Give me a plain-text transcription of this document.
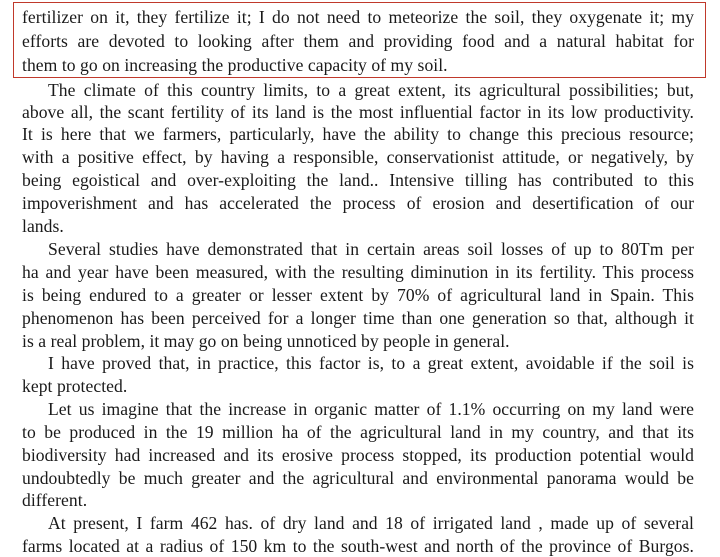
fertilizer on it, they fertilize it; I do not need to meteorize the soil, they oxygenate it; my
efforts are devoted to looking after them and providing food and a natural habitat for
them to go on increasing the productive capacity of my soil.
The climate of this country limits, to a great extent, its agricultural possibilities; but,
above all, the scant fertility of its land is the most influential factor in its low productivity.
It is here that we farmers, particularly, have the ability to change this precious resource;
with a positive effect, by having a responsible, conservationist attitude, or negatively, by
being egoistical and over-exploiting the land.. Intensive tilling has contributed to this
impoverishment and has accelerated the process of erosion and desertification of our
lands.
Several studies have demonstrated that in certain areas soil losses of up to 80Tm per
ha and year have been measured, with the resulting diminution in its fertility. This process
is being endured to a greater or lesser extent by 70% of agricultural land in Spain. This
phenomenon has been perceived for a longer time than one generation so that, although it
is a real problem, it may go on being unnoticed by people in general.
I have proved that, in practice, this factor is, to a great extent, avoidable if the soil is
kept protected.
Let us imagine that the increase in organic matter of 1.1% occurring on my land were
to be produced in the 19 million ha of the agricultural land in my country, and that its
biodiversity had increased and its erosive process stopped, its production potential would
undoubtedly be much greater and the agricultural and environmental panorama would be
different.
At present, I farm 462 has. of dry land and 18 of irrigated land , made up of several
farms located at a radius of 150 km to the south-west and north of the province of Burgos.
